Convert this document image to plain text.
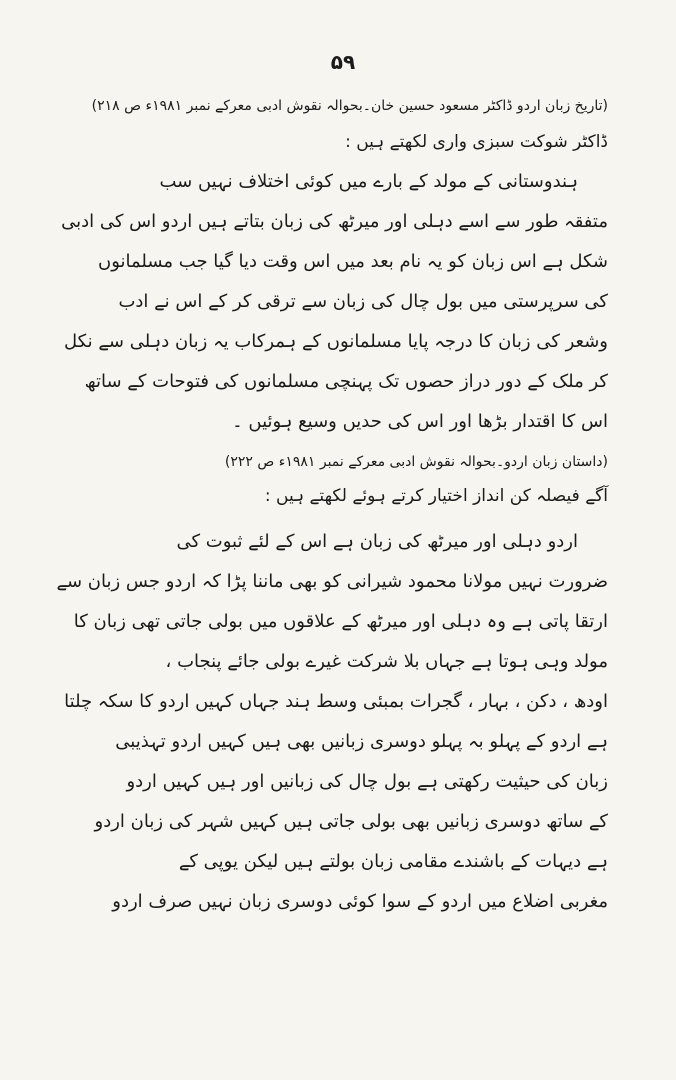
۵۹
(تاریخ زبان اردو ڈاکٹر مسعود حسین خان۔بحوالہ نقوش ادبی معرکے نمبر ۱۹۸۱ء ص ۲۱۸)
ڈاکٹر شوکت سبزی واری لکھتے ہیں :
ہندوستانی کے مولد کے بارے میں کوئی اختلاف نہیں سب
متفقہ طور سے اسے دہلی اور میرٹھ کی زبان بتاتے ہیں اردو اس کی ادبی
شکل ہے اس زبان کو یہ نام بعد میں اس وقت دیا گیا جب مسلمانوں
کی سرپرستی میں بول چال کی زبان سے ترقی کر کے اس نے ادب
وشعر کی زبان کا درجہ پایا مسلمانوں کے ہمرکاب یہ زبان دہلی سے نکل
کر ملک کے دور دراز حصوں تک پہنچی مسلمانوں کی فتوحات کے ساتھ
اس کا اقتدار بڑھا اور اس کی حدیں وسیع ہوئیں ۔
(داستان زبان اردو۔بحوالہ نقوش ادبی معرکے نمبر ۱۹۸۱ء ص ۲۲۲)
آگے فیصلہ کن انداز اختیار کرتے ہوئے لکھتے ہیں :
اردو دہلی اور میرٹھ کی زبان ہے اس کے لئے ثبوت کی
ضرورت نہیں مولانا محمود شیرانی کو بھی ماننا پڑا کہ اردو جس زبان سے
ارتقا پاتی ہے وہ دہلی اور میرٹھ کے علاقوں میں بولی جاتی تھی زبان کا
مولد وہی ہوتا ہے جہاں بلا شرکت غیرے بولی جائے پنجاب ،
اودھ ، دکن ، بہار ، گجرات بمبئی وسط ہند جہاں کہیں اردو کا سکہ چلتا
ہے اردو کے پہلو بہ پہلو دوسری زبانیں بھی ہیں کہیں اردو تہذیبی
زبان کی حیثیت رکھتی ہے بول چال کی زبانیں اور ہیں کہیں اردو
کے ساتھ دوسری زبانیں بھی بولی جاتی ہیں کہیں شہر کی زبان اردو
ہے دیہات کے باشندے مقامی زبان بولتے ہیں لیکن یوپی کے
مغربی اضلاع میں اردو کے سوا کوئی دوسری زبان نہیں صرف اردو
